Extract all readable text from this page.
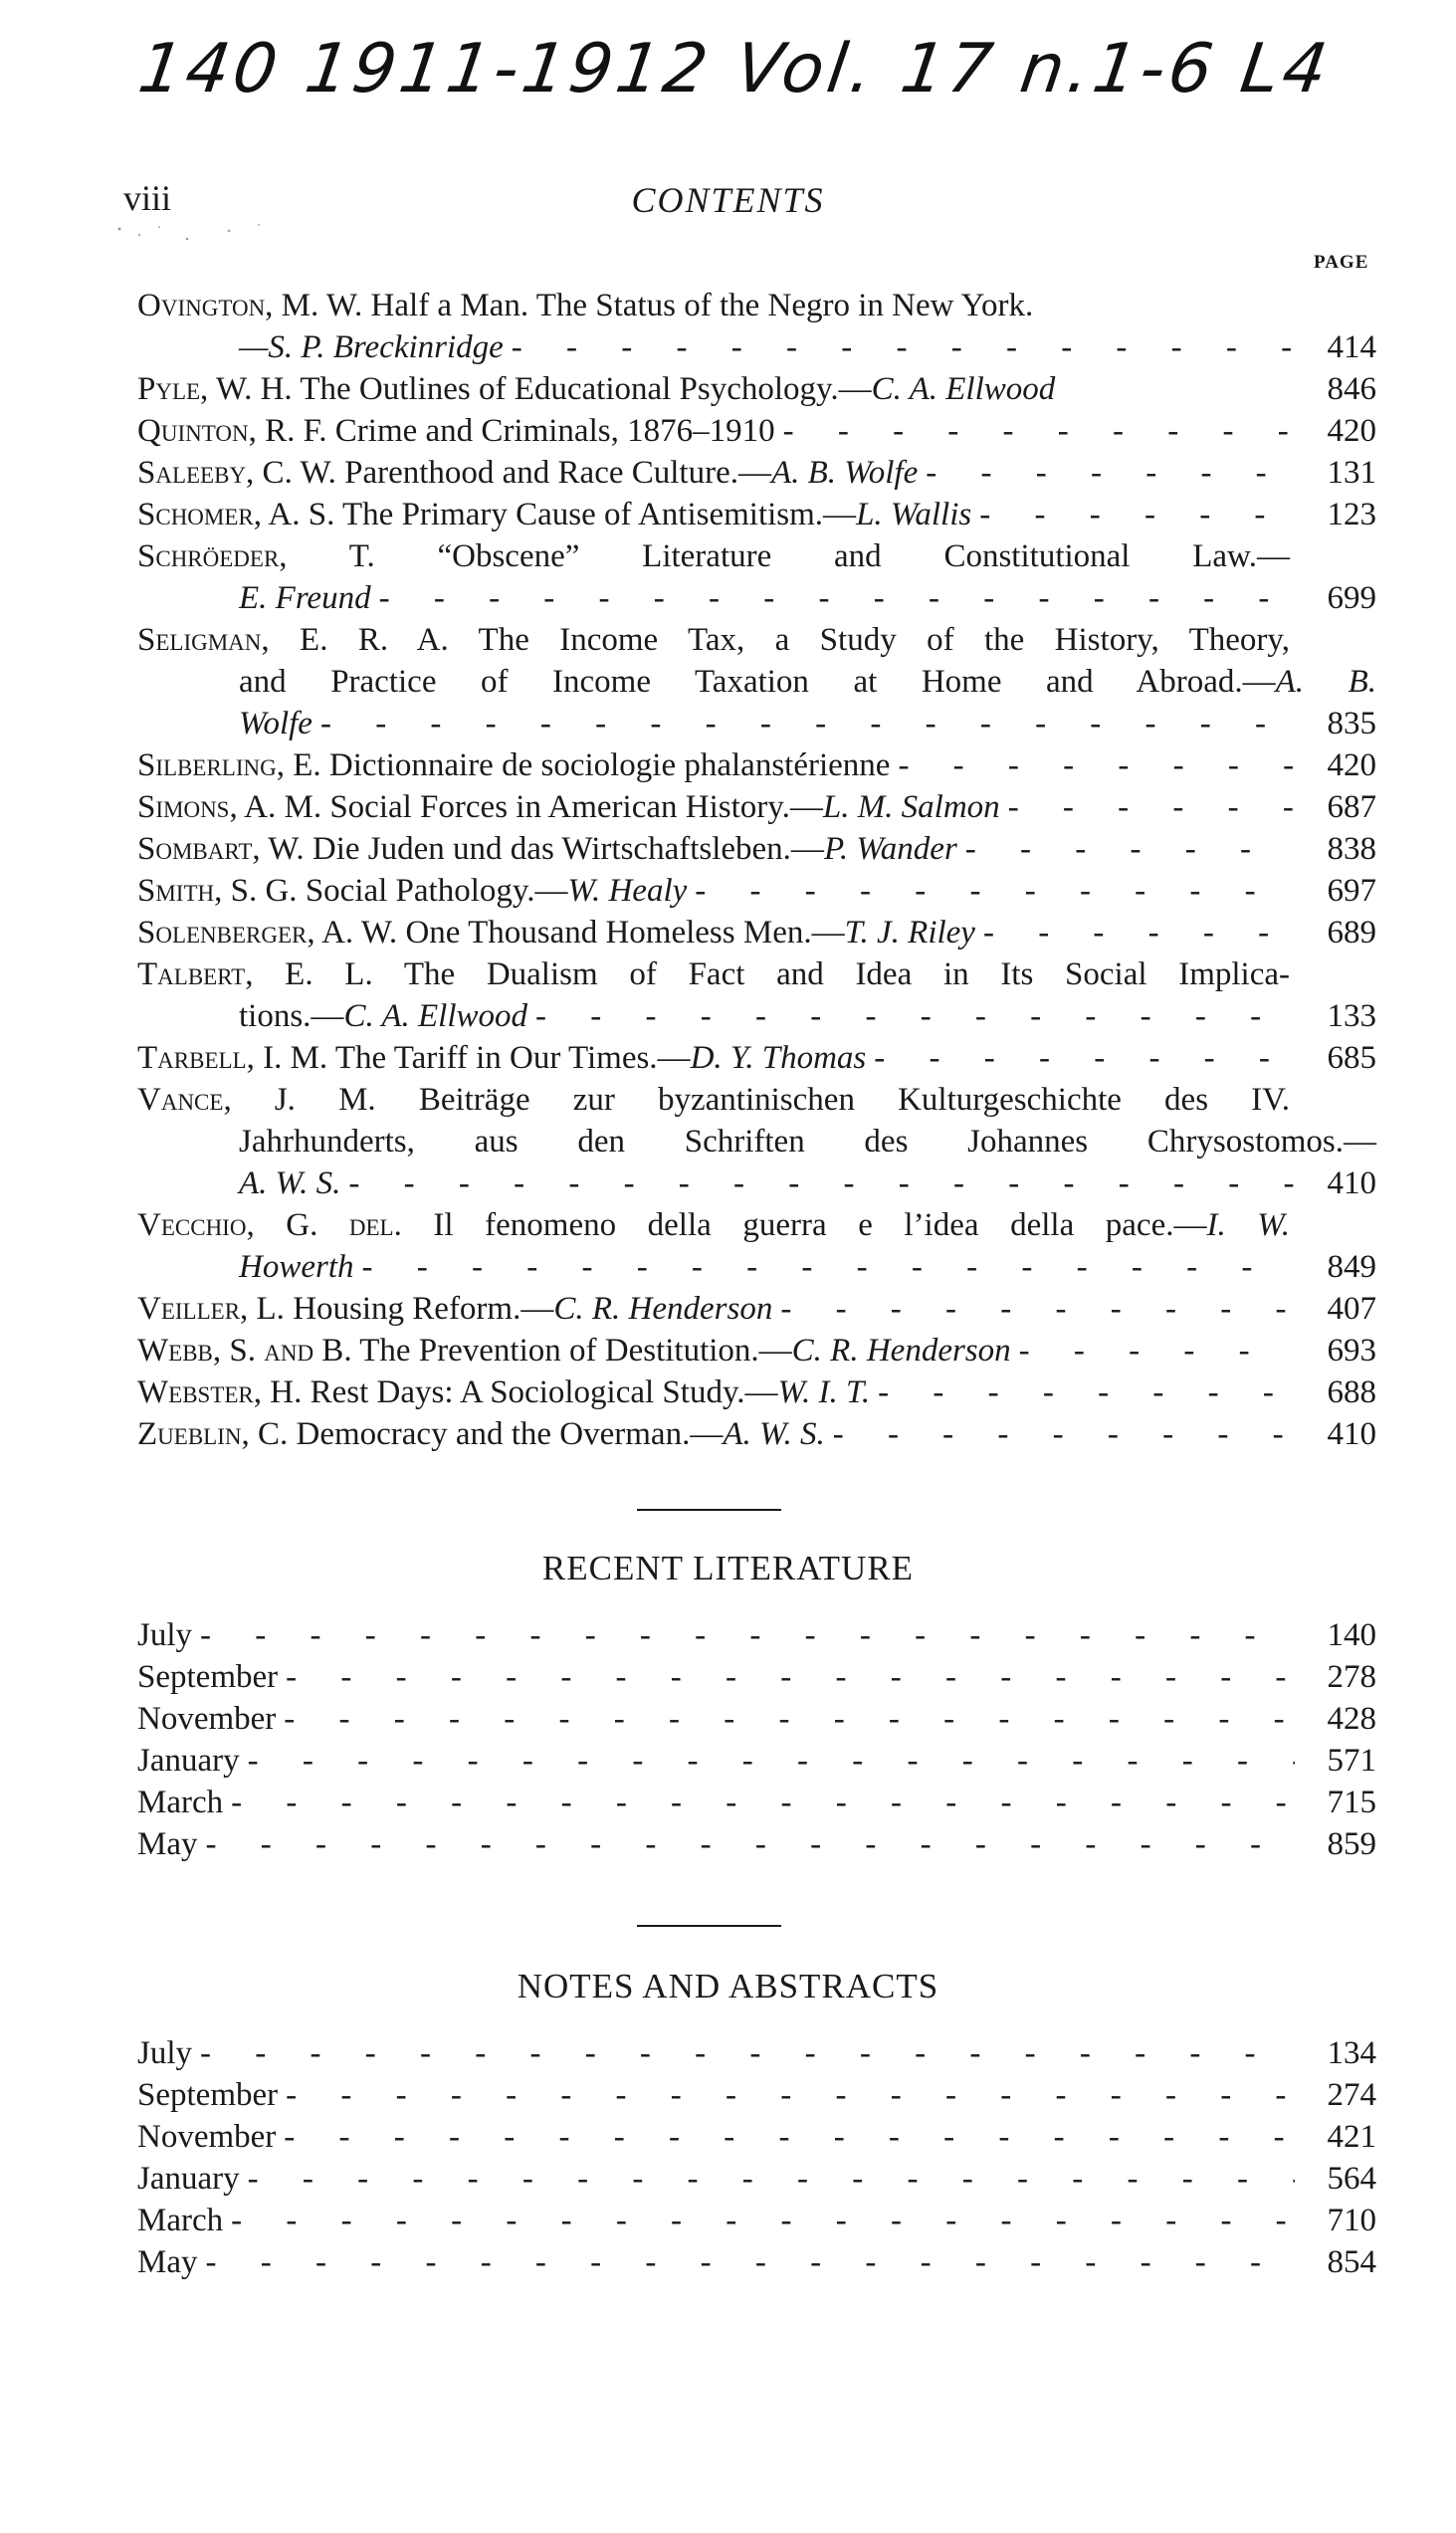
140 1911-1912 Vol. 17 n.1-6 L4
viii	CONTENTS
PAGE
Ovington, M. W. Half a Man. The Status of the Negro in New York.
—S. P. Breckinridge - - -	414
Pyle, W. H. The Outlines of Educational Psychology.— C. A. Ellwood	846
Quinton, R. F. Crime and Criminals, 1876–1910 - - -	420
Saleeby, C. W. Parenthood and Race Culture.— A. B. Wolfe - - -	131
Schomer, A. S. The Primary Cause of Antisemitism.— L. Wallis - - -	123
Schröeder, T. “Obscene” Literature and Constitutional Law.—
E. Freund - - -	699
Seligman, E. R. A. The Income Tax, a Study of the History, Theory,
and Practice of Income Taxation at Home and Abroad.—A. B.
Wolfe - - -	835
Silberling, E. Dictionnaire de sociologie phalanstérienne - - -	420
Simons, A. M. Social Forces in American History.— L. M. Salmon - - -	687
Sombart, W. Die Juden und das Wirtschaftsleben.— P. Wander - - -	838
Smith, S. G. Social Pathology.— W. Healy - - -	697
Solenberger, A. W. One Thousand Homeless Men.— T. J. Riley - - -	689
Talbert, E. L. The Dualism of Fact and Idea in Its Social Implica-
tions.— C. A. Ellwood - - -	133
Tarbell, I. M. The Tariff in Our Times.— D. Y. Thomas - - -	685
Vance, J. M. Beiträge zur byzantinischen Kulturgeschichte des IV.
Jahrhunderts, aus den Schriften des Johannes Chrysostomos.—
A. W. S. - - -	410
Vecchio, G. del. Il fenomeno della guerra e l’idea della pace.—I. W.
Howerth - - -	849
Veiller, L. Housing Reform.— C. R. Henderson - - -	407
Webb, S. and B. The Prevention of Destitution.— C. R. Henderson - - -	693
Webster, H. Rest Days: A Sociological Study.— W. I. T. - - -	688
Zueblin, C. Democracy and the Overman.— A. W. S. - - -	410
RECENT LITERATURE
July - - -	140
September - - -	278
November - - -	428
January - - -	571
March - - -	715
May - - -	859
NOTES AND ABSTRACTS
July - - -	134
September - - -	274
November - - -	421
January - - -	564
March - - -	710
May - - -	854
